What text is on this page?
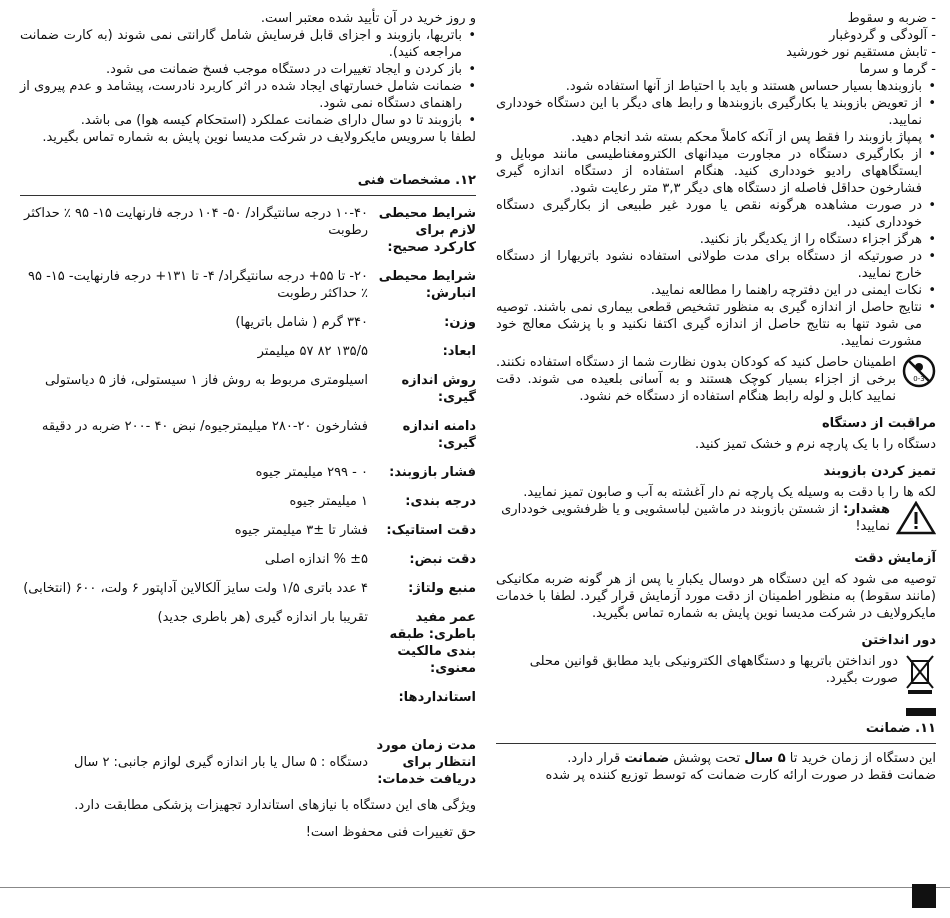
- ضربه و سقوط
- آلودگی و گردوغبار
- تابش مستقیم نور خورشید
- گرما و سرما
• بازوبندها بسیار حساس هستند و باید با احتیاط از آنها استفاده شود.
• از تعویض بازوبند یا بکارگیری بازوبندها و رابط های دیگر با این دستگاه خودداری نمایید.
• پمپاژ بازوبند را فقط پس از آنکه کاملاً محکم بسته شد انجام دهید.
• از بکارگیری دستگاه در مجاورت میدانهای الکترومغناطیسی مانند موبایل و ایستگاههای رادیو خودداری کنید. هنگام استفاده از دستگاه اندازه گیری فشارخون حداقل فاصله از دستگاه های دیگر ۳,۳ متر رعایت شود.
• در صورت مشاهده هرگونه نقص یا مورد غیر طبیعی از بکارگیری دستگاه خودداری کنید.
• هرگز اجزاء دستگاه را از یکدیگر باز نکنید.
• در صورتیکه از دستگاه برای مدت طولانی استفاده نشود باتریهارا از دستگاه خارج نمایید.
• نکات ایمنی در این دفترچه راهنما را مطالعه نمایید.
• نتایج حاصل از اندازه گیری به منظور تشخیص قطعی بیماری نمی باشند. توصیه می شود تنها به نتایج حاصل از اندازه گیری اکتفا نکنید و با پزشک معالج خود مشورت نمایید.
0-3

اطمینان حاصل کنید که کودکان بدون نظارت شما از دستگاه استفاده نکنند. برخی از اجزاء بسیار کوچک هستند و به آسانی بلعیده می شوند. دقت نمایید کابل و لوله رابط هنگام استفاده از دستگاه خم نشود.

مراقبت از دستگاه

دستگاه را با یک پارچه نرم و خشک تمیز کنید.

تمیز کردن بازوبند

لکه ها را با دقت به وسیله یک پارچه نم دار آغشته به آب و صابون تمیز نمایید.

هشدار: از شستن بازوبند در ماشین لباسشویی و یا ظرفشویی خودداری نمایید!

آزمایش دقت

توصیه می شود که این دستگاه هر دوسال یکبار یا پس از هر گونه ضربه مکانیکی (مانند سقوط) به منظور اطمینان از دقت مورد آزمایش قرار گیرد. لطفا با خدمات مایکرولایف در شرکت مدیسا نوین پایش به شماره تماس بگیرید.

دور انداختن

دور انداختن باتریها و دستگاههای الکترونیکی باید مطابق قوانین محلی صورت بگیرد.

۱۱. ضمانت

این دستگاه از زمان خرید تا ۵ سال تحت پوشش ضمانت قرار دارد.

ضمانت فقط در صورت ارائه کارت ضمانت که توسط توزیع کننده پر شده

و روز خرید در آن تأیید شده معتبر است.

• باتریها، بازوبند و اجزای قابل فرسایش شامل گارانتی نمی شوند (به کارت ضمانت مراجعه کنید).
• باز کردن و ایجاد تغییرات در دستگاه موجب فسخ ضمانت می شود.
• ضمانت شامل خسارتهای ایجاد شده در اثر کاربرد نادرست، پیشامد و عدم پیروی از راهنمای دستگاه نمی شود.
• بازوبند تا دو سال دارای ضمانت عملکرد (استحکام کیسه هوا) می باشد.

لطفا با سرویس مایکرولایف در شرکت مدیسا نوین پایش به شماره تماس بگیرید.

۱۲. مشخصات فنی
شرایط محیطی لازم برای کارکرد صحیح:	۱۰-۴۰ درجه سانتیگراد/ ۵۰- ۱۰۴ درجه فارنهایت ۱۵- ۹۵ ٪ حداکثر رطوبت
شرایط محیطی انبارش:	۲۰- تا ۵۵+ درجه سانتیگراد/ ۴- تا ۱۳۱+ درجه فارنهایت- ۱۵- ۹۵ ٪ حداکثر رطوبت
وزن:	۳۴۰ گرم ( شامل باتریها)
ابعاد:	۱۳۵/۵ ۸۲ ۵۷ میلیمتر
روش اندازه گیری:	اسیلومتری مربوط به روش فاز ۱ سیستولی، فاز ۵ دیاستولی
دامنه اندازه گیری:	فشارخون ۲۰-۲۸۰ میلیمترجیوه/ نبض ۴۰ -۲۰۰ ضربه در دقیقه
فشار بازوبند:	۰ - ۲۹۹ میلیمتر جیوه
درجه بندی:	۱ میلیمتر جیوه
دقت استاتیک:	فشار تا ±۳ میلیمتر جیوه
دقت نبض:	±۵ % اندازه اصلی
منبع ولتاژ:	۴ عدد باتری ۱/۵ ولت سایز آلکالاین آداپتور ۶ ولت، ۶۰۰ (انتخابی)
عمر مفید باطری: طبقه بندی مالکیت معنوی:	تقریبا بار اندازه گیری (هر باطری جدید)
استانداردها:	
مدت زمان مورد انتظار برای دریافت خدمات:	دستگاه : ۵ سال یا بار اندازه گیری لوازم جانبی: ۲ سال

ویژگی های این دستگاه با نیازهای استاندارد تجهیزات پزشکی مطابقت دارد.

حق تغییرات فنی محفوظ است!
